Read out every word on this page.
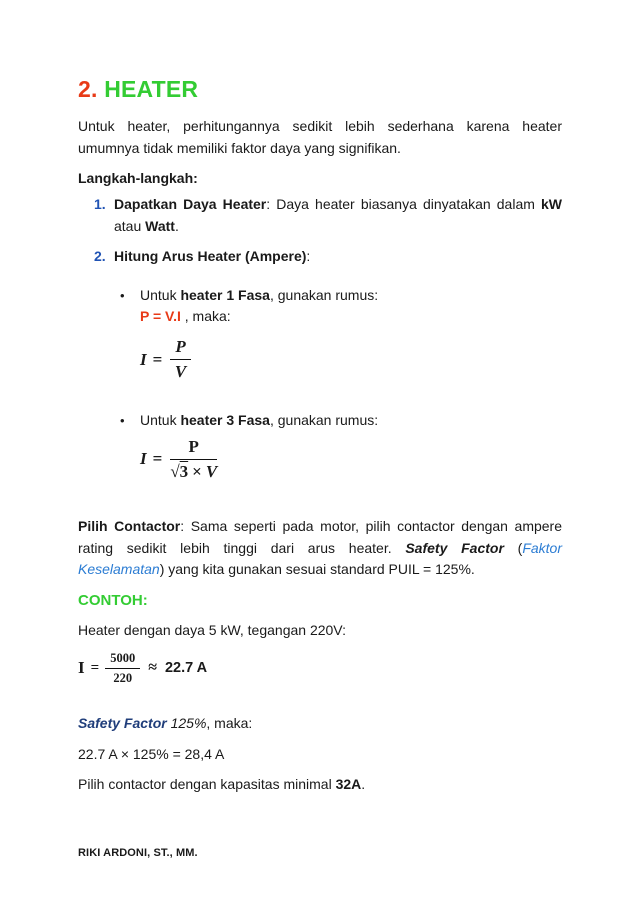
2. HEATER

Untuk heater, perhitungannya sedikit lebih sederhana karena heater umumnya tidak memiliki faktor daya yang signifikan.

Langkah-langkah:

1. Dapatkan Daya Heater: Daya heater biasanya dinyatakan dalam kW atau Watt.
2. Hitung Arus Heater (Ampere):
•	Untuk heater 1 Fasa, gunakan rumus:
P = V.I , maka:
$I = \frac{P}{V}$
•	Untuk heater 3 Fasa, gunakan rumus:
$I = \frac{P}{√3 \times V}$

Pilih Contactor: Sama seperti pada motor, pilih contactor dengan ampere rating sedikit lebih tinggi dari arus heater. Safety Factor (Faktor Keselamatan) yang kita gunakan sesuai standard PUIL = 125%.

CONTOH:

Heater dengan daya 5 kW, tegangan 220V:

$I = \frac{5000}{220} \approx 22.7$ A

Safety Factor 125%, maka:

22.7 A × 125% = 28,4 A

Pilih contactor dengan kapasitas minimal 32A.

RIKI ARDONI, ST., MM.
